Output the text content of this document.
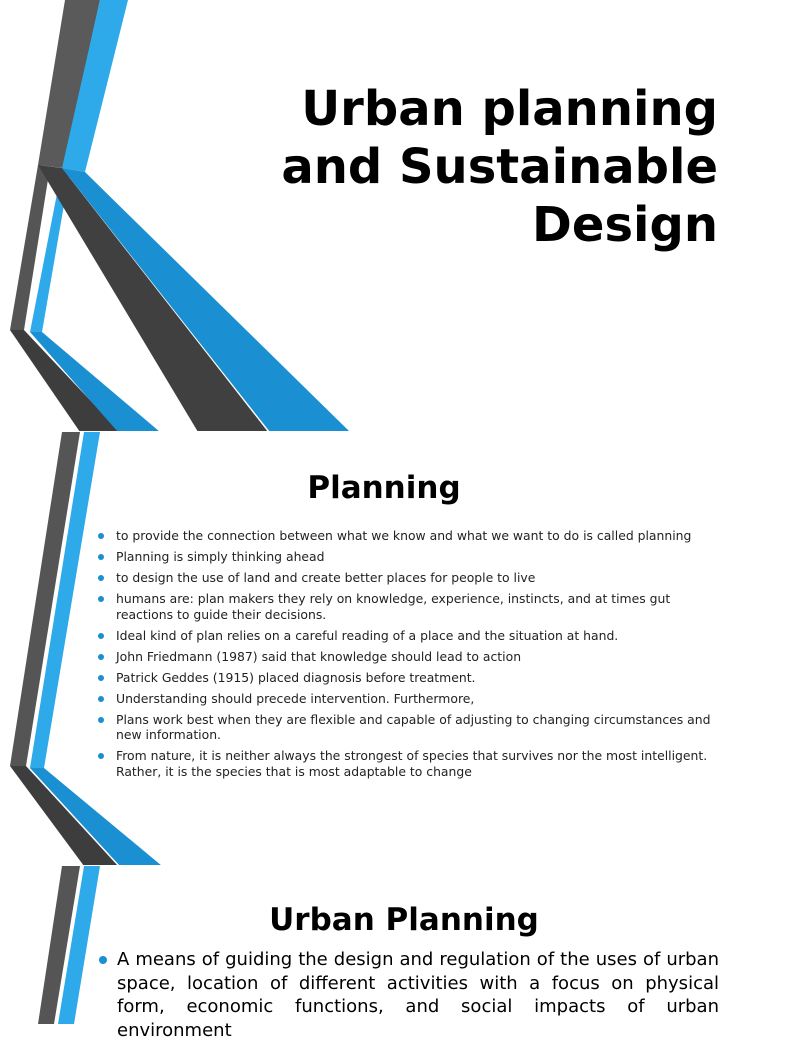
Urban planning and Sustainable Design
Planning
to provide the connection between what we know and what we want to do is called planning
Planning is simply thinking ahead
to design the use of land and create better places for people to live
humans are: plan makers they rely on knowledge, experience, instincts, and at times gut reactions to guide their decisions.
Ideal kind of plan relies on a careful reading of a place and the situation at hand.
John Friedmann (1987) said that knowledge should lead to action
Patrick Geddes (1915) placed diagnosis before treatment.
Understanding should precede intervention. Furthermore,
Plans work best when they are flexible and capable of adjusting to changing circumstances and new information.
From nature, it is neither always the strongest of species that survives nor the most intelligent. Rather, it is the species that is most adaptable to change
Urban Planning
A means of guiding the design and regulation of the uses of urban space, location of different activities with a focus on physical form, economic functions, and social impacts of urban environment
